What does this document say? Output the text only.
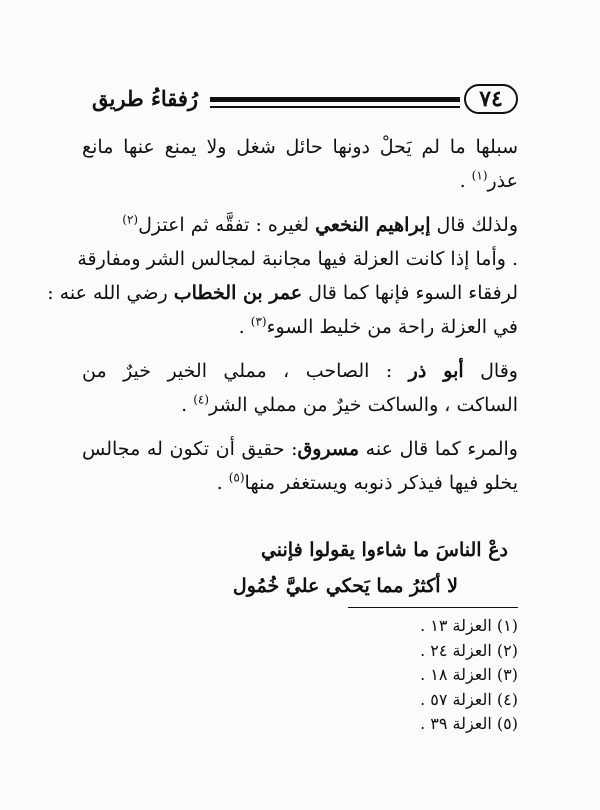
٧٤
رُفقاءُ طريق
سبلها ما لم يَحلْ دونها حائل شغل ولا يمنع عنها مانع
عذر$^{(١)}$ .
ولذلك قال إبراهيم النخعي لغيره : تفقَّه ثم اعتزل$^{(٢)}$
. وأما إذا كانت العزلة فيها مجانبة لمجالس الشر ومفارقة
لرفقاء السوء فإنها كما قال عمر بن الخطاب رضي الله عنه :
في العزلة راحة من خليط السوء$^{(٣)}$ .
وقال أبو ذر : الصاحب ، مملي الخير خيرٌ من
الساكت ، والساكت خيرٌ من مملي الشر$^{(٤)}$ .
والمرء كما قال عنه مسروق: حقيق أن تكون له مجالس
يخلو فيها فيذكر ذنوبه ويستغفر منها$^{(٥)}$ .
دعْ الناسَ ما شاءوا يقولوا فإنني
لا أكثرُ مما يَحكي عليَّ خُمُول
(١) العزلة ١٣ .
(٢) العزلة ٢٤ .
(٣) العزلة ١٨ .
(٤) العزلة ٥٧ .
(٥) العزلة ٣٩ .
